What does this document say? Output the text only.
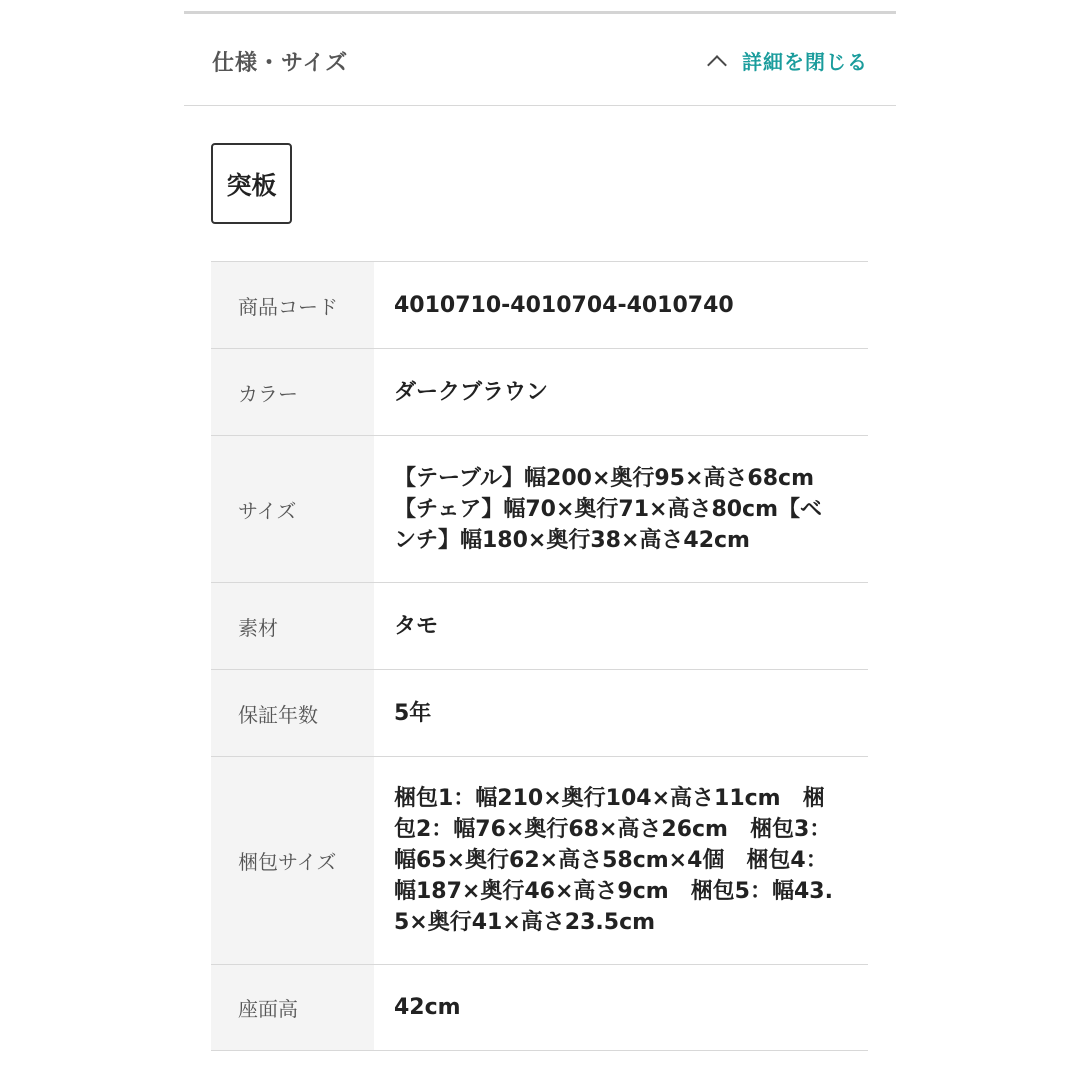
仕様・サイズ	詳細を閉じる
突板
商品コード	4010710-4010704-4010740
カラー	ダークブラウン
サイズ	【テーブル】幅200×奥行95×高さ68cm【チェア】幅70×奥行71×高さ80cm【ベンチ】幅180×奥行38×高さ42cm
素材	タモ
保証年数	5年
梱包サイズ	梱包1：幅210×奥行104×高さ11cm　梱包2：幅76×奥行68×高さ26cm　梱包3：幅65×奥行62×高さ58cm×4個　梱包4：幅187×奥行46×高さ9cm　梱包5：幅43.5×奥行41×高さ23.5cm
座面高	42cm
